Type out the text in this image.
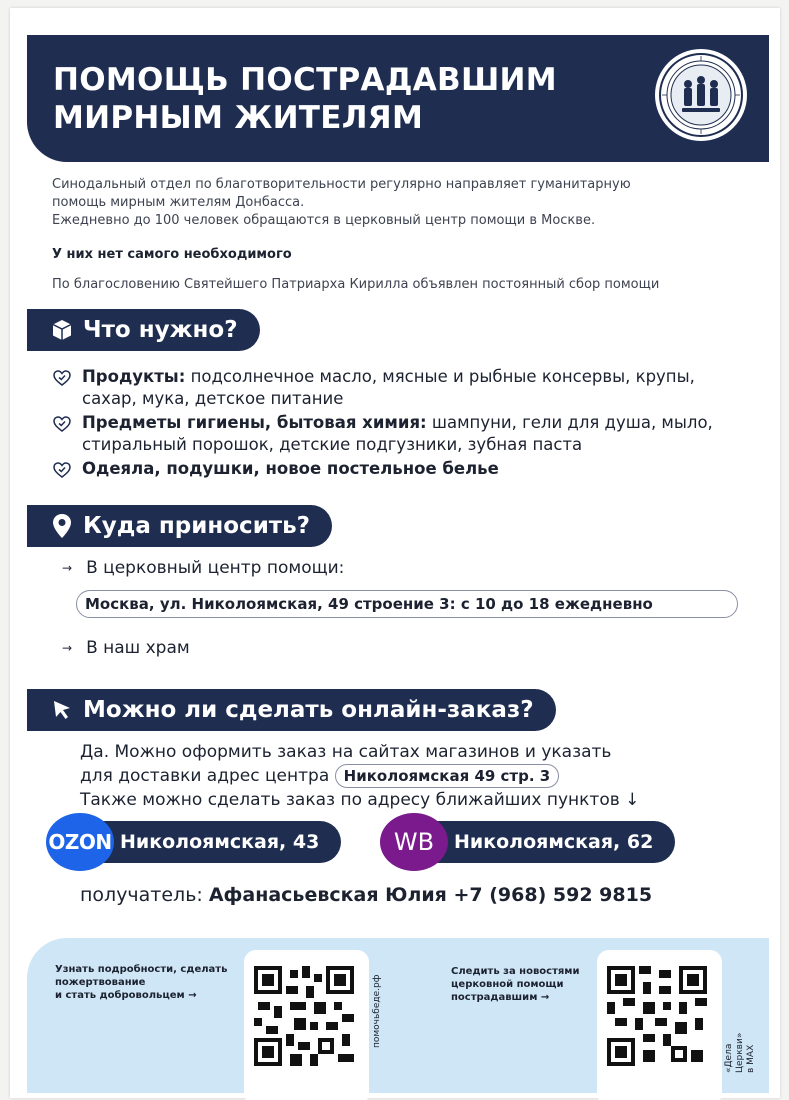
ПОМОЩЬ ПОСТРАДАВШИМ
МИРНЫМ ЖИТЕЛЯМ
Синодальный отдел по благотворительности регулярно направляет гуманитарную
помощь мирным жителям Донбасса.
Ежедневно до 100 человек обращаются в церковный центр помощи в Москве.
У них нет самого необходимого
По благословению Святейшего Патриарха Кирилла объявлен постоянный сбор помощи
Что нужно?
Продукты: подсолнечное масло, мясные и рыбные консервы, крупы, сахар, мука, детское питание
Предметы гигиены, бытовая химия: шампуни, гели для душа, мыло, стиральный порошок, детские подгузники, зубная паста
Одеяла, подушки, новое постельное белье
Куда приносить?
→ В церковный центр помощи:
Москва, ул. Николоямская, 49 строение 3: с 10 до 18 ежедневно
→ В наш храм
Можно ли сделать онлайн-заказ?
Да. Можно оформить заказ на сайтах магазинов и указать
для доставки адрес центра Николоямская 49 стр. 3
Также можно сделать заказ по адресу ближайших пунктов ↓
OZON Николоямская, 43	WB	Николоямская, 62
получатель: Афанасьевская Юлия +7 (968) 592 9815
Узнать подробности, сделать
пожертвование
и стать добровольцем →	помочьбеде.рф
Следить за новостями
церковной помощи
пострадавшим →
«Дела Церкви»
в MAX
